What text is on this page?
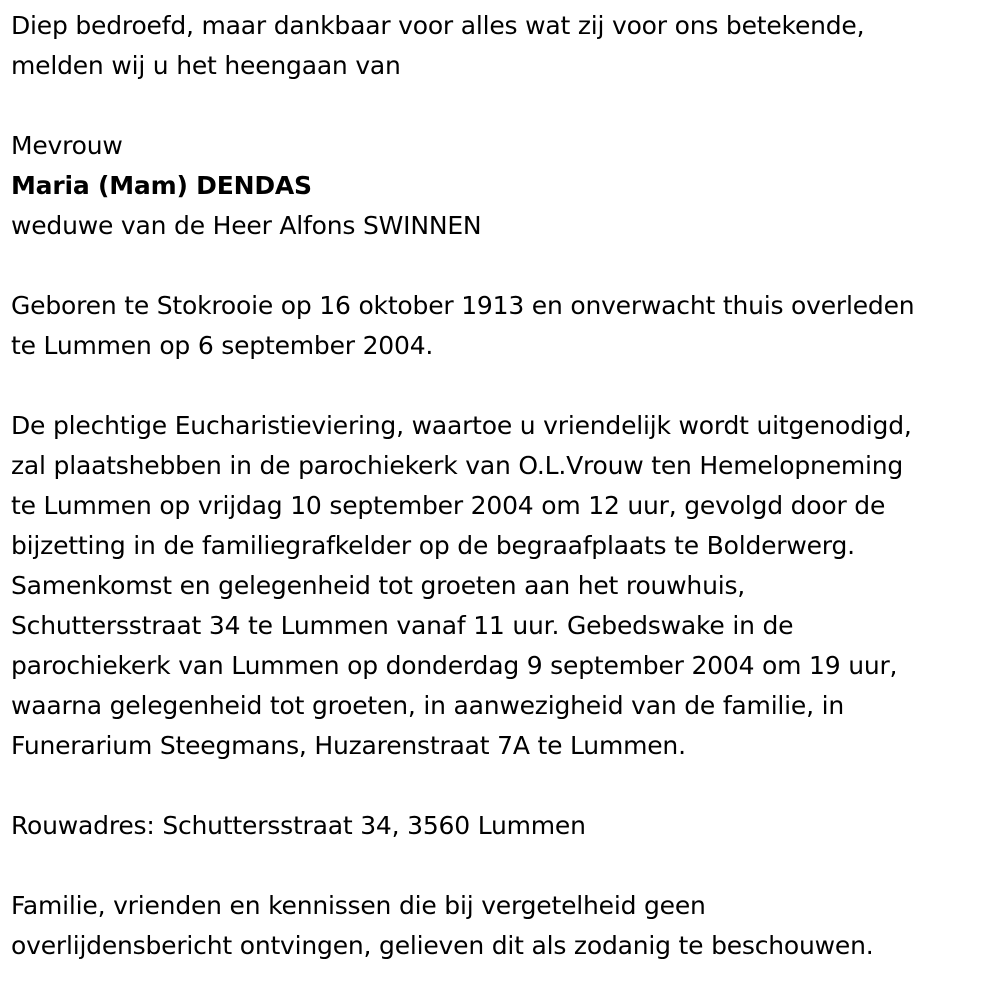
Diep bedroefd, maar dankbaar voor alles wat zij voor ons betekende,
melden wij u het heengaan van
Mevrouw
Maria (Mam) DENDAS
weduwe van de Heer Alfons SWINNEN
Geboren te Stokrooie op 16 oktober 1913 en onverwacht thuis overleden
te Lummen op 6 september 2004.
De plechtige Eucharistieviering, waartoe u vriendelijk wordt uitgenodigd,
zal plaatshebben in de parochiekerk van O.L.Vrouw ten Hemelopneming
te Lummen op vrijdag 10 september 2004 om 12 uur, gevolgd door de
bijzetting in de familiegrafkelder op de begraafplaats te Bolderwerg.
Samenkomst en gelegenheid tot groeten aan het rouwhuis,
Schuttersstraat 34 te Lummen vanaf 11 uur. Gebedswake in de
parochiekerk van Lummen op donderdag 9 september 2004 om 19 uur,
waarna gelegenheid tot groeten, in aanwezigheid van de familie, in
Funerarium Steegmans, Huzarenstraat 7A te Lummen.
Rouwadres: Schuttersstraat 34, 3560 Lummen
Familie, vrienden en kennissen die bij vergetelheid geen
overlijdensbericht ontvingen, gelieven dit als zodanig te beschouwen.
